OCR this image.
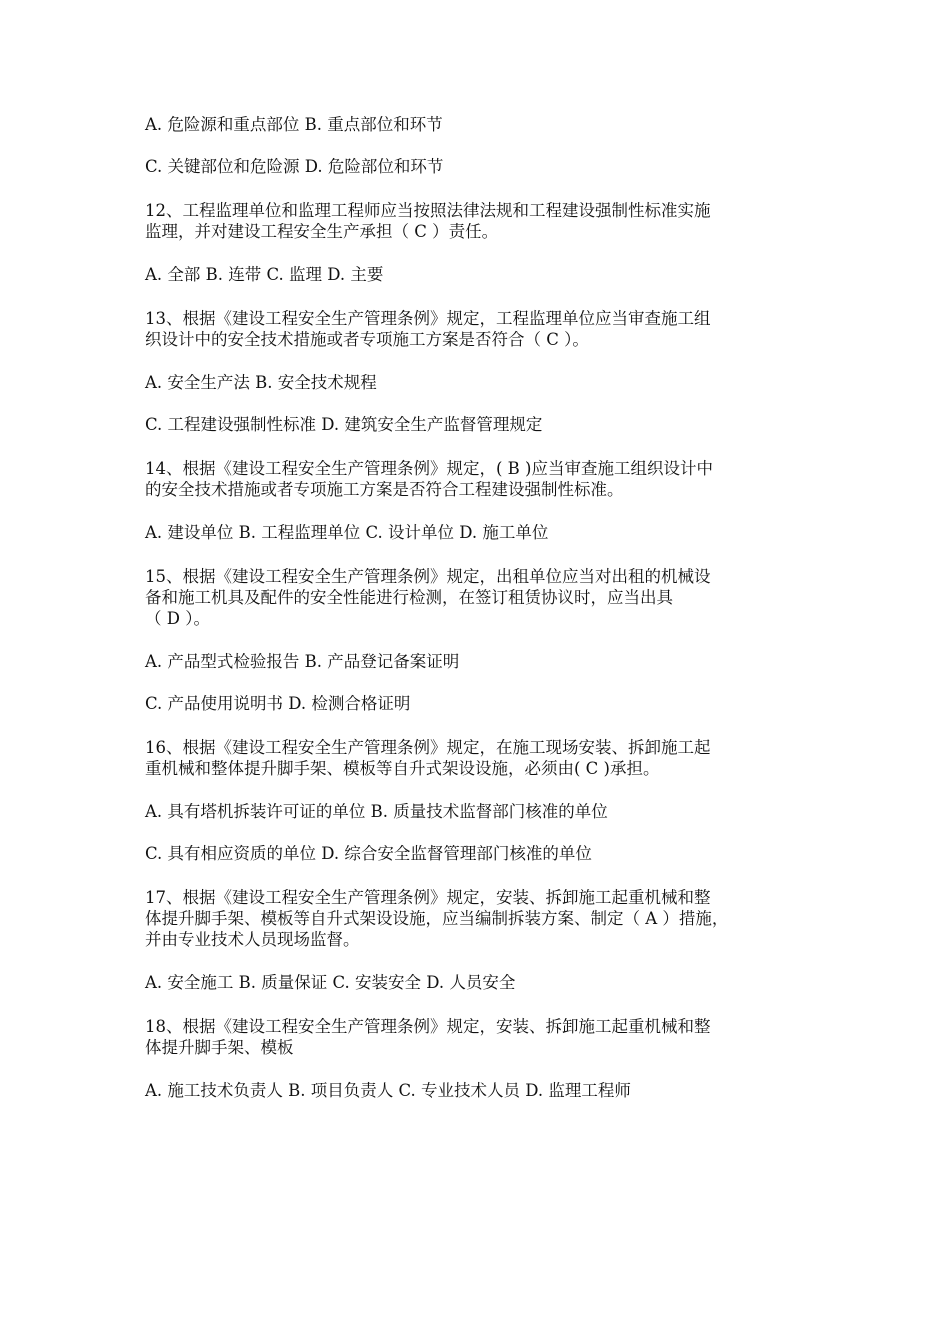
A. 危险源和重点部位 B. 重点部位和环节

C. 关键部位和危险源 D. 危险部位和环节

12、工程监理单位和监理工程师应当按照法律法规和工程建设强制性标准实施
监理，并对建设工程安全生产承担（ C ）责任。

A. 全部 B. 连带 C. 监理 D. 主要

13、根据《建设工程安全生产管理条例》规定，工程监理单位应当审查施工组
织设计中的安全技术措施或者专项施工方案是否符合（ C ）。

A. 安全生产法 B. 安全技术规程

C. 工程建设强制性标准 D. 建筑安全生产监督管理规定

14、根据《建设工程安全生产管理条例》规定，( B )应当审查施工组织设计中
的安全技术措施或者专项施工方案是否符合工程建设强制性标准。

A. 建设单位 B. 工程监理单位 C. 设计单位 D. 施工单位

15、根据《建设工程安全生产管理条例》规定，出租单位应当对出租的机械设
备和施工机具及配件的安全性能进行检测，在签订租赁协议时，应当出具
（ D ）。

A. 产品型式检验报告 B. 产品登记备案证明

C. 产品使用说明书 D. 检测合格证明

16、根据《建设工程安全生产管理条例》规定，在施工现场安装、拆卸施工起
重机械和整体提升脚手架、模板等自升式架设设施，必须由( C )承担。

A. 具有塔机拆装许可证的单位 B. 质量技术监督部门核准的单位

C. 具有相应资质的单位 D. 综合安全监督管理部门核准的单位

17、根据《建设工程安全生产管理条例》规定，安装、拆卸施工起重机械和整
体提升脚手架、模板等自升式架设设施，应当编制拆装方案、制定（ A ）措施，
并由专业技术人员现场监督。

A. 安全施工 B. 质量保证 C. 安装安全 D. 人员安全

18、根据《建设工程安全生产管理条例》规定，安装、拆卸施工起重机械和整
体提升脚手架、模板

A. 施工技术负责人 B. 项目负责人 C. 专业技术人员 D. 监理工程师
